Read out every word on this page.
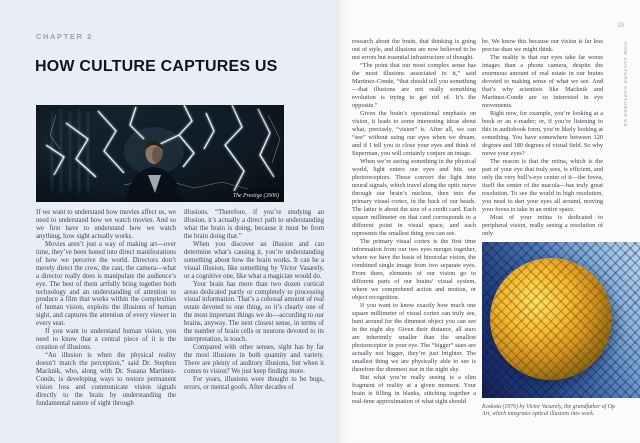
CHAPTER 2
HOW CULTURE CAPTURES US
The Prestige (2006)

If we want to understand how movies affect us, we need to understand how we watch movies. And so we first have to understand how we watch anything, how sight actually works.

Movies aren’t just a way of making art—over time, they’ve been honed into direct manifestations of how we perceive the world. Directors don’t merely direct the crew, the cast, the camera—what a director really does is manipulate the audience’s eye. The best of them artfully bring together both technology and an understanding of attention to produce a film that works within the complexities of human vision, exploits the illusions of human sight, and captures the attention of every viewer in every seat.

If you want to understand human vision, you need to know that a central piece of it is the creation of illusions.

“An illusion is when the physical reality doesn’t match the perception,” said Dr. Stephen Macknik, who, along with Dr. Susana Martinez-Conde, is developing ways to restore permanent vision loss and communicate vision signals directly to the brain by understanding the fundamental nature of sight through

illusions. “Therefore, if you’re studying an illusion, it’s actually a direct path to understanding what the brain is doing, because it must be from the brain doing that.”

When you discover an illusion and can determine what’s causing it, you’re understanding something about how the brain works. It can be a visual illusion, like something by Victor Vasarely, or a cognitive one, like what a magician would do.

Your brain has more than two dozen cortical areas dedicated partly or completely to processing visual information. That’s a colossal amount of real estate devoted to one thing, so it’s clearly one of the most important things we do—according to our brains, anyway. The next closest sense, in terms of the number of brain cells or neurons devoted to its interpretation, is touch.

Compared with other senses, sight has by far the most illusions in both quantity and variety. There are plenty of auditory illusions, but when it comes to vision? We just keep finding more.

For years, illusions were thought to be bugs, errors, or mental goofs. After decades of

19
HOW CULTURE CAPTURES US

research about the brain, that thinking is going out of style, and illusions are now believed to be not errors but essential infrastructure of thought.

“The point that our most complex sense has the most illusions associated to it,” said Martinez-Conde, “that should tell you something—that illusions are not really something evolution is trying to get rid of. It’s the opposite.”

Given the brain’s operational emphasis on vision, it leads to some interesting ideas about what, precisely, “vision” is. After all, we can “see” without using our eyes when we dream, and if I tell you to close your eyes and think of Superman, you will certainly conjure an image.

When we’re seeing something in the physical world, light enters our eyes and hits our photoreceptors. Those convert the light into neural signals, which travel along the optic nerve through our brain’s nucleus, then into the primary visual cortex, in the back of our heads. The latter is about the size of a credit card. Each square millimeter on that card corresponds to a different point in visual space, and each represents the smallest thing you can see.

The primary visual cortex is the first time information from our two eyes merges together, where we have the basis of binocular vision, the combined single image from two separate eyes. From there, elements of our vision go to different parts of our brains’ visual system, where we comprehend action and motion, or object recognition.

If you want to know exactly how much one square millimeter of visual cortex can truly see, hunt around for the dimmest object you can see in the night sky. Given their distance, all stars are inherently smaller than the smallest photoreceptor in your eye. The “bigger” stars are actually not bigger, they’re just brighter. The smallest thing we are physically able to see is therefore the dimmest star in the night sky.

But what you’re really seeing is a slim fragment of reality at a given moment. Your brain is filling in blanks, stitching together a real-time approximation of what sight should

be. We know this because our vision is far less precise than we might think.

The reality is that our eyes take far worse images than a phone camera, despite the enormous amount of real estate in our brains devoted to making sense of what we see. And that’s why scientists like Macknik and Martinez-Conde are so interested in eye movements.

Right now, for example, you’re looking at a book or an e-reader; or, if you’re listening to this in audiobook form, you’re likely looking at something. You have somewhere between 120 degrees and 180 degrees of visual field. So why move your eyes?

The reason is that the retina, which is the part of your eye that truly sees, is efficient, and only the very bull’s-eye center of it—the fovea, itself the center of the macula—has truly great resolution. To see the world in high resolution, you need to dart your eyes all around, moving your fovea to take in an entire space.

Most of your retina is dedicated to peripheral vision, really seeing a resolution of only

Koskota (1976) by Victor Vasarely, the grandfather of Op Art, which integrates optical illusions into work.
